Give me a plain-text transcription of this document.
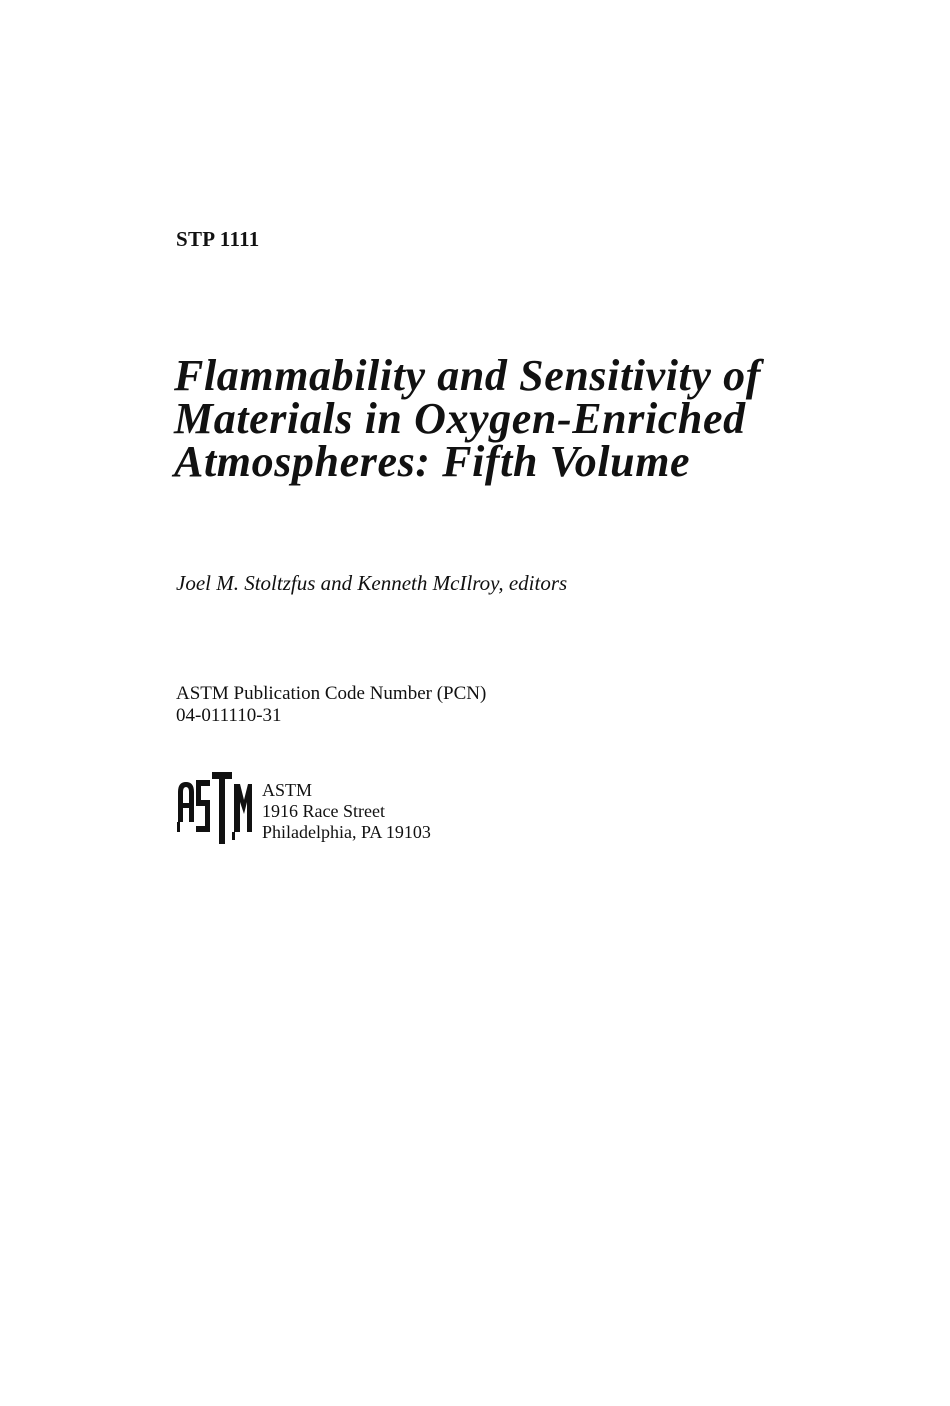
STP 1111
Flammability and Sensitivity of
Materials in Oxygen-Enriched
Atmospheres: Fifth Volume
Joel M. Stoltzfus and Kenneth McIlroy, editors
ASTM Publication Code Number (PCN)
04-011110-31
ASTM
1916 Race Street
Philadelphia, PA 19103
